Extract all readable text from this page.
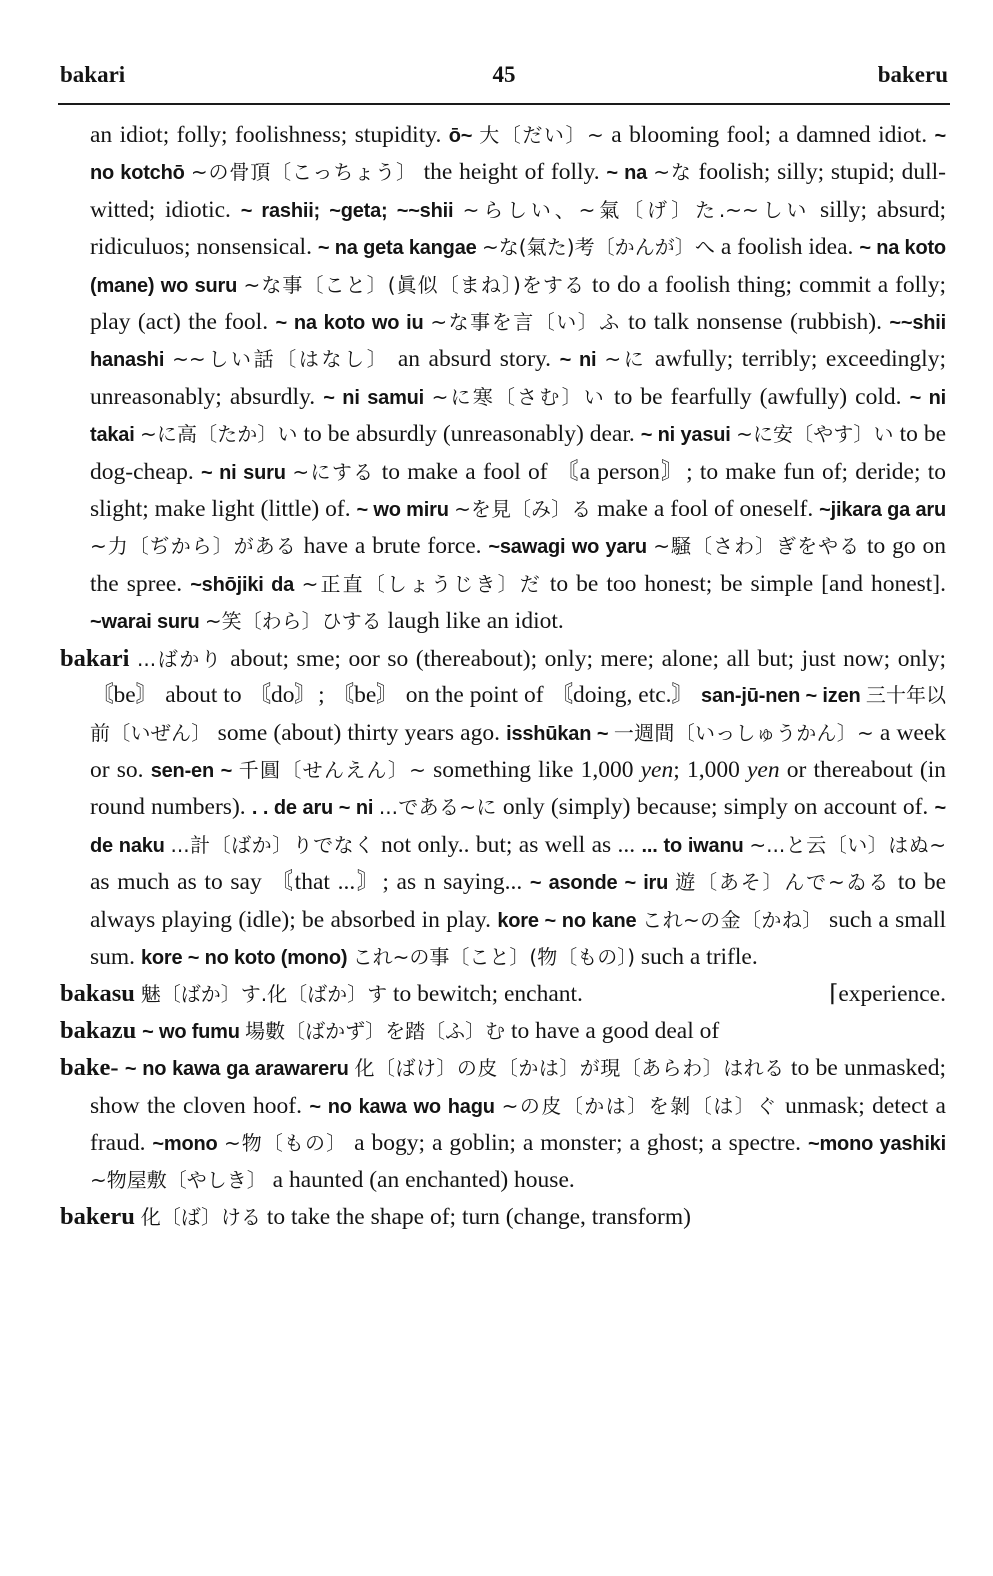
bakari	45	bakeru

an idiot; folly; foolishness; stupidity. ō~ 大〔だい〕~ a blooming fool; a damned idiot. ~ no kotchō ~の骨頂〔こっちょう〕 the height of folly. ~ na ~な foolish; silly; stupid; dull-witted; idiotic. ~ rashii; ~geta; ~~shii ~らしい、~氣〔げ〕た.~~しい silly; absurd; ridiculuos; nonsensical. ~ na geta kangae ~な(氣た)考〔かんが〕へ a foolish idea. ~ na koto (mane) wo suru ~な事〔こと〕(眞似〔まね〕)をする to do a foolish thing; commit a folly; play (act) the fool. ~ na koto wo iu ~な事を言〔い〕ふ to talk nonsense (rubbish). ~~shii hanashi ~~しい話〔はなし〕 an absurd story. ~ ni ~に awfully; terribly; exceedingly; unreasonably; absurdly. ~ ni samui ~に寒〔さむ〕い to be fearfully (awfully) cold. ~ ni takai ~に高〔たか〕い to be absurdly (unreasonably) dear. ~ ni yasui ~に安〔やす〕い to be dog-cheap. ~ ni suru ~にする to make a fool of 〘a person〙; to make fun of; deride; to slight; make light (little) of. ~ wo miru ~を見〔み〕る make a fool of oneself. ~jikara ga aru ~力〔ぢから〕がある have a brute force. ~sawagi wo yaru ~騒〔さわ〕ぎをやる to go on the spree. ~shōjiki da ~正直〔しょうじき〕だ to be too honest; be simple [and honest]. ~warai suru ~笑〔わら〕ひする laugh like an idiot.

bakari ...ばかり about; sme; oor so (thereabout); only; mere; alone; all but; just now; only; 〘be〙 about to 〘do〙; 〘be〙 on the point of 〘doing, etc.〙 san-jū-nen ~ izen 三十年以前〔いぜん〕 some (about) thirty years ago. isshūkan ~ 一週間〔いっしゅうかん〕~ a week or so. sen-en ~ 千圓〔せんえん〕~ something like 1,000 yen; 1,000 yen or thereabout (in round numbers). . . de aru ~ ni ...である~に only (simply) because; simply on account of. ~ de naku ...計〔ばか〕りでなく not only.. but; as well as ... ... to iwanu ~...と云〔い〕はぬ~ as much as to say 〘that ...〙; as n saying... ~ asonde ~ iru 遊〔あそ〕んで~ゐる to be always playing (idle); be absorbed in play. kore ~ no kane これ~の金〔かね〕 such a small sum. kore ~ no koto (mono) これ~の事〔こと〕(物〔もの〕) such a trifle.

⌈experience.
bakasu 魅〔ばか〕す.化〔ばか〕す to bewitch; enchant.

bakazu ~ wo fumu 場數〔ばかず〕を踏〔ふ〕む to have a good deal of

bake- ~ no kawa ga arawareru 化〔ばけ〕の皮〔かは〕が現〔あらわ〕はれる to be unmasked; show the cloven hoof. ~ no kawa wo hagu ~の皮〔かは〕を剝〔は〕ぐ unmask; detect a fraud. ~mono ~物〔もの〕 a bogy; a goblin; a monster; a ghost; a spectre. ~mono yashiki ~物屋敷〔やしき〕 a haunted (an enchanted) house.

bakeru 化〔ば〕ける to take the shape of; turn (change, transform)
